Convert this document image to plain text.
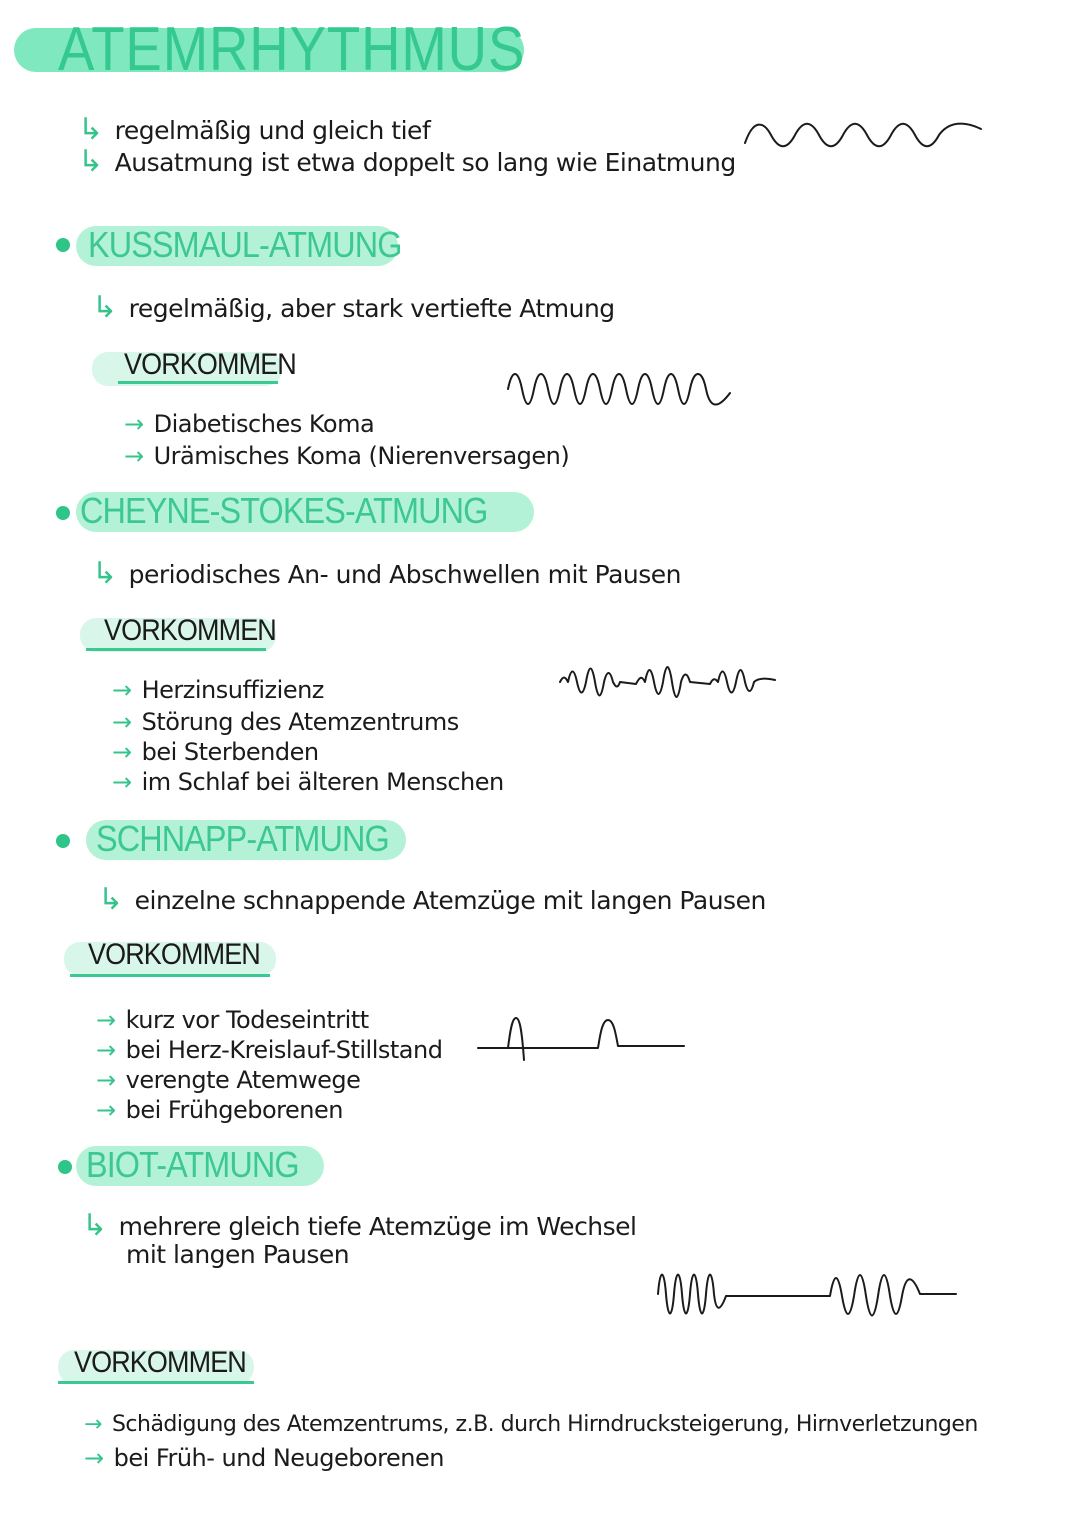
ATEMRHYTHMUS
↳ regelmäßig und gleich tief
↳ Ausatmung ist etwa doppelt so lang wie Einatmung
KUSSMAUL-ATMUNG
↳ regelmäßig, aber stark vertiefte Atmung
VORKOMMEN
→ Diabetisches Koma
→ Urämisches Koma (Nierenversagen)
CHEYNE-STOKES-ATMUNG
↳ periodisches An- und Abschwellen mit Pausen
VORKOMMEN
→ Herzinsuffizienz
→ Störung des Atemzentrums
→ bei Sterbenden
→ im Schlaf bei älteren Menschen
SCHNAPP-ATMUNG
↳ einzelne schnappende Atemzüge mit langen Pausen
VORKOMMEN
→ kurz vor Todeseintritt
→ bei Herz-Kreislauf-Stillstand
→ verengte Atemwege
→ bei Frühgeborenen
BIOT-ATMUNG
↳ mehrere gleich tiefe Atemzüge im Wechsel
mit langen Pausen
VORKOMMEN
→ Schädigung des Atemzentrums, z.B. durch Hirndrucksteigerung, Hirnverletzungen
→ bei Früh- und Neugeborenen
